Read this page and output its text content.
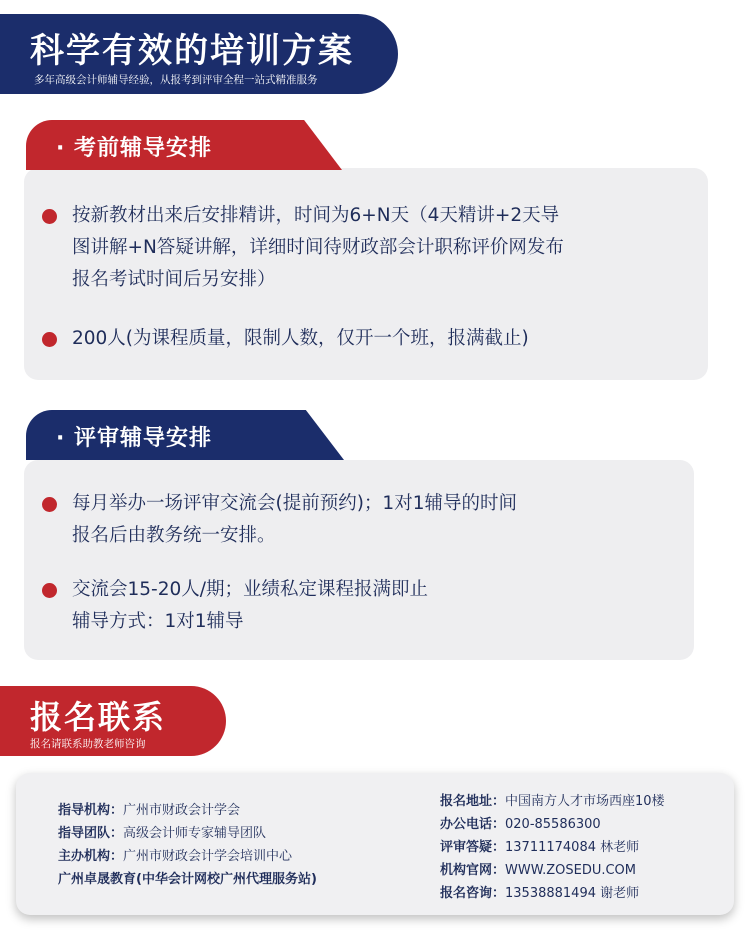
科学有效的培训方案
多年高级会计师辅导经验，从报考到评审全程一站式精准服务
· 考前辅导安排
按新教材出来后安排精讲，时间为6+N天（4天精讲+2天导
图讲解+N答疑讲解，详细时间待财政部会计职称评价网发布
报名考试时间后另安排）
200人(为课程质量，限制人数，仅开一个班，报满截止)
· 评审辅导安排
每月举办一场评审交流会(提前预约)；1对1辅导的时间
报名后由教务统一安排。
交流会15-20人/期；业绩私定课程报满即止
辅导方式：1对1辅导
报名联系
报名请联系助教老师咨询
指导机构：广州市财政会计学会
指导团队：高级会计师专家辅导团队
主办机构：广州市财政会计学会培训中心
广州卓晟教育(中华会计网校广州代理服务站)
报名地址：中国南方人才市场西座10楼
办公电话：020-85586300
评审答疑：13711174084 林老师
机构官网：WWW.ZOSEDU.COM
报名咨询：13538881494 谢老师
